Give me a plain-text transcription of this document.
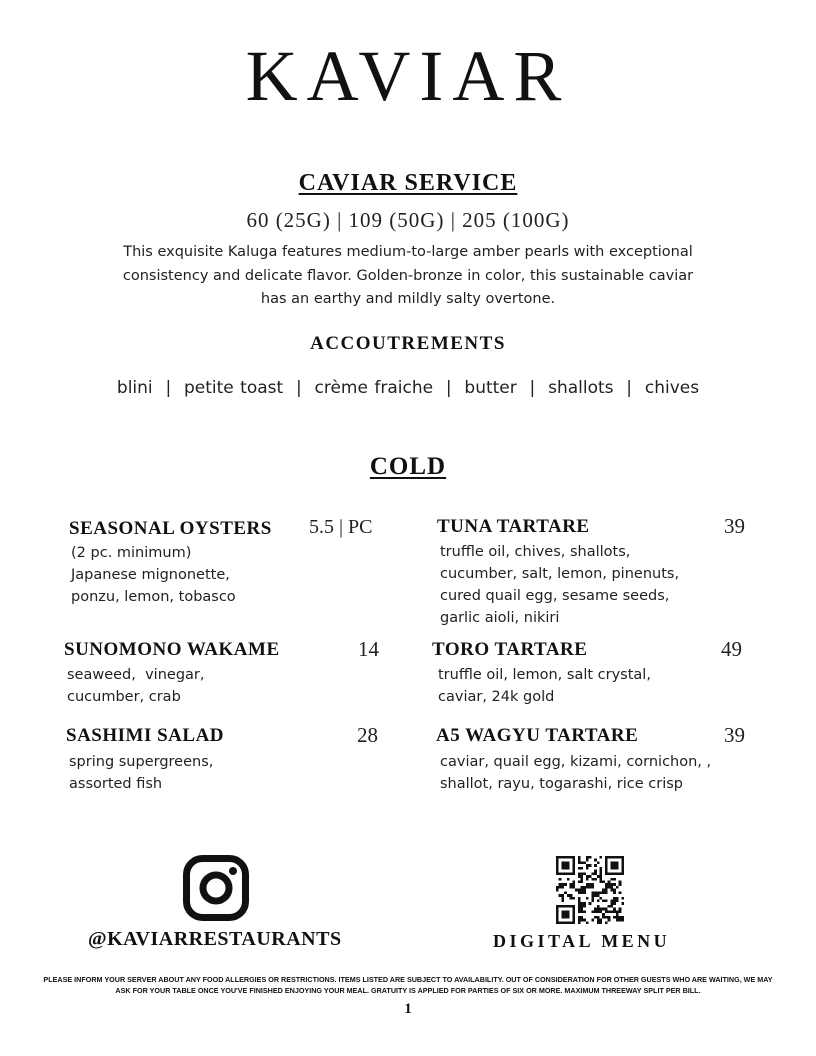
KAVIAR
CAVIAR SERVICE
60 (25G) | 109 (50G) | 205 (100G)
This exquisite Kaluga features medium-to-large amber pearls with exceptional consistency and delicate flavor. Golden-bronze in color, this sustainable caviar has an earthy and mildly salty overtone.
ACCOUTREMENTS
blini  |  petite toast  |  crème fraiche  |  butter  |  shallots  |  chives
COLD
SEASONAL OYSTERS 5.5 | PC
(2 pc. minimum)
Japanese mignonette,
ponzu, lemon, tobasco
TUNA TARTARE	39
truffle oil, chives, shallots,
cucumber, salt, lemon, pinenuts,
cured quail egg, sesame seeds,
garlic aioli, nikiri
SUNOMONO WAKAME	14
seaweed,  vinegar,
cucumber, crab
TORO TARTARE	49
truffle oil, lemon, salt crystal,
caviar, 24k gold
SASHIMI SALAD	28
spring supergreens,
assorted fish
A5 WAGYU TARTARE	39
caviar, quail egg, kizami, cornichon, ,
shallot, rayu, togarashi, rice crisp
@KAVIARRESTAURANTS	DIGITAL MENU
PLEASE INFORM YOUR SERVER ABOUT ANY FOOD ALLERGIES OR RESTRICTIONS. ITEMS LISTED ARE SUBJECT TO AVAILABILITY. OUT OF CONSIDERATION FOR OTHER GUESTS WHO ARE WAITING, WE MAY ASK FOR YOUR TABLE ONCE YOU'VE FINISHED ENJOYING YOUR MEAL. GRATUITY IS APPLIED FOR PARTIES OF SIX OR MORE. MAXIMUM THREEWAY SPLIT PER BILL.
1
